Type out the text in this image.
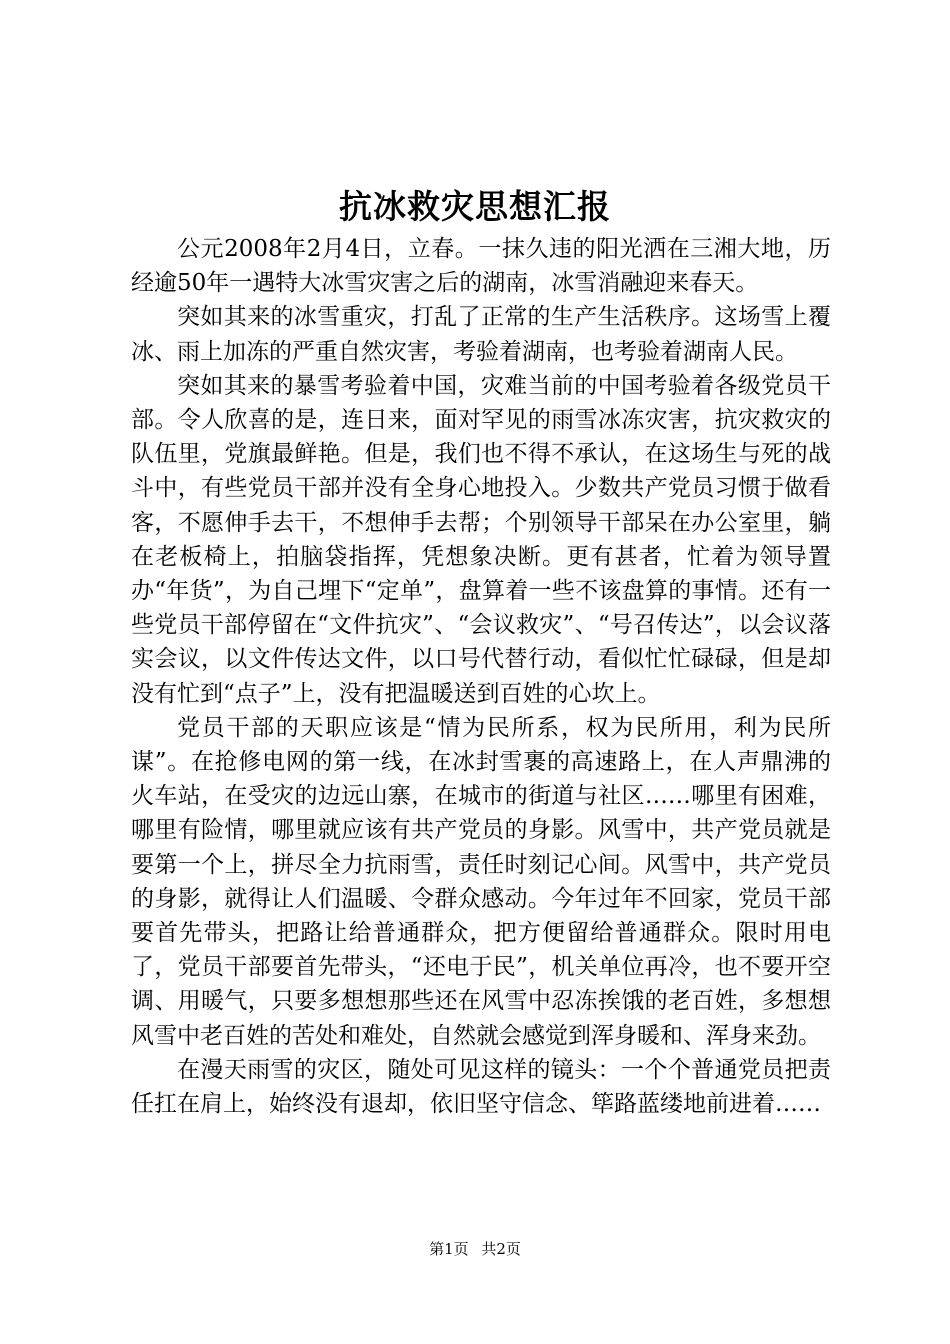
抗冰救灾思想汇报

公元2008年2月4日，立春。一抹久违的阳光洒在三湘大地，历经逾50年一遇特大冰雪灾害之后的湖南，冰雪消融迎来春天。

突如其来的冰雪重灾，打乱了正常的生产生活秩序。这场雪上覆冰、雨上加冻的严重自然灾害，考验着湖南，也考验着湖南人民。

突如其来的暴雪考验着中国，灾难当前的中国考验着各级党员干部。令人欣喜的是，连日来，面对罕见的雨雪冰冻灾害，抗灾救灾的队伍里，党旗最鲜艳。但是，我们也不得不承认，在这场生与死的战斗中，有些党员干部并没有全身心地投入。少数共产党员习惯于做看客，不愿伸手去干，不想伸手去帮；个别领导干部呆在办公室里，躺在老板椅上，拍脑袋指挥，凭想象决断。更有甚者，忙着为领导置办“年货”，为自己埋下“定单”，盘算着一些不该盘算的事情。还有一些党员干部停留在“文件抗灾”、“会议救灾”、“号召传达”，以会议落实会议，以文件传达文件，以口号代替行动，看似忙忙碌碌，但是却没有忙到“点子”上，没有把温暖送到百姓的心坎上。

党员干部的天职应该是“情为民所系，权为民所用，利为民所谋”。在抢修电网的第一线，在冰封雪裹的高速路上，在人声鼎沸的火车站，在受灾的边远山寨，在城市的街道与社区……哪里有困难，哪里有险情，哪里就应该有共产党员的身影。风雪中，共产党员就是要第一个上，拼尽全力抗雨雪，责任时刻记心间。风雪中，共产党员的身影，就得让人们温暖、令群众感动。今年过年不回家，党员干部要首先带头，把路让给普通群众，把方便留给普通群众。限时用电了，党员干部要首先带头，“还电于民”，机关单位再冷，也不要开空调、用暖气，只要多想想那些还在风雪中忍冻挨饿的老百姓，多想想风雪中老百姓的苦处和难处，自然就会感觉到浑身暖和、浑身来劲。

在漫天雨雪的灾区，随处可见这样的镜头：一个个普通党员把责任扛在肩上，始终没有退却，依旧坚守信念、筚路蓝缕地前进着……

第1页 共2页
